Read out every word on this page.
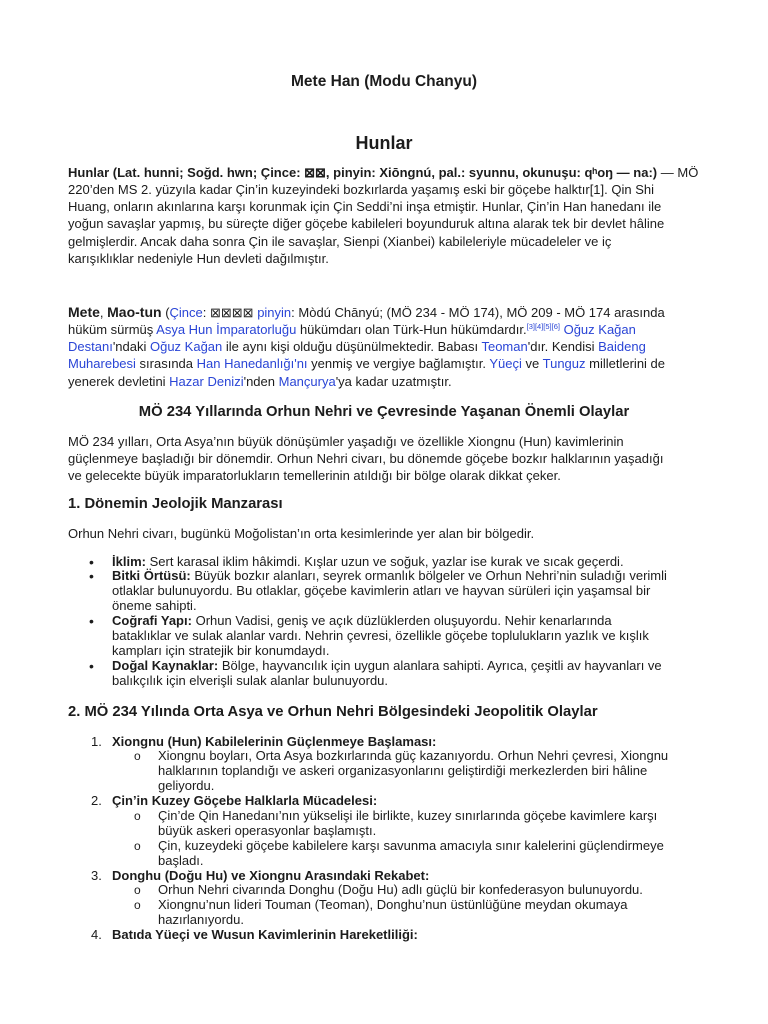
Mete Han (Modu Chanyu)
Hunlar
Hunlar (Lat. hunni; Soğd. hwn; Çince: ⊠⊠, pinyin: Xiōngnú, pal.: syunnu, okunuşu: qʰoŋ — na:) — MÖ
220’den MS 2. yüzyıla kadar Çin’in kuzeyindeki bozkırlarda yaşamış eski bir göçebe halktır[1]. Qin Shi
Huang, onların akınlarına karşı korunmak için Çin Seddi’ni inşa etmiştir. Hunlar, Çin’in Han hanedanı ile
yoğun savaşlar yapmış, bu süreçte diğer göçebe kabileleri boyunduruk altına alarak tek bir devlet hâline
gelmişlerdir. Ancak daha sonra Çin ile savaşlar, Sienpi (Xianbei) kabileleriyle mücadeleler ve iç
karışıklıklar nedeniyle Hun devleti dağılmıştır.
Mete, Mao-tun (Çince: ⊠⊠⊠⊠ pinyin: Mòdú Chānyú; (MÖ 234 - MÖ 174), MÖ 209 - MÖ 174 arasında
hüküm sürmüş Asya Hun İmparatorluğu hükümdarı olan Türk-Hun hükümdardır.[3][4][5][6] Oğuz Kağan
Destanı'ndaki Oğuz Kağan ile aynı kişi olduğu düşünülmektedir. Babası Teoman'dır. Kendisi Baideng
Muharebesi sırasında Han Hanedanlığı'nı yenmiş ve vergiye bağlamıştır. Yüeçi ve Tunguz milletlerini de
yenerek devletini Hazar Denizi'nden Mançurya'ya kadar uzatmıştır.
MÖ 234 Yıllarında Orhun Nehri ve Çevresinde Yaşanan Önemli Olaylar
MÖ 234 yılları, Orta Asya’nın büyük dönüşümler yaşadığı ve özellikle Xiongnu (Hun) kavimlerinin
güçlenmeye başladığı bir dönemdir. Orhun Nehri civarı, bu dönemde göçebe bozkır halklarının yaşadığı
ve gelecekte büyük imparatorlukların temellerinin atıldığı bir bölge olarak dikkat çeker.
1. Dönemin Jeolojik Manzarası
Orhun Nehri civarı, bugünkü Moğolistan’ın orta kesimlerinde yer alan bir bölgedir.
•	İklim: Sert karasal iklim hâkimdi. Kışlar uzun ve soğuk, yazlar ise kurak ve sıcak geçerdi.
•	Bitki Örtüsü: Büyük bozkır alanları, seyrek ormanlık bölgeler ve Orhun Nehri’nin suladığı verimli
otlaklar bulunuyordu. Bu otlaklar, göçebe kavimlerin atları ve hayvan sürüleri için yaşamsal bir
öneme sahipti.
•	Coğrafi Yapı: Orhun Vadisi, geniş ve açık düzlüklerden oluşuyordu. Nehir kenarlarında
bataklıklar ve sulak alanlar vardı. Nehrin çevresi, özellikle göçebe toplulukların yazlık ve kışlık
kampları için stratejik bir konumdaydı.
•	Doğal Kaynaklar: Bölge, hayvancılık için uygun alanlara sahipti. Ayrıca, çeşitli av hayvanları ve
balıkçılık için elverişli sulak alanlar bulunuyordu.
2. MÖ 234 Yılında Orta Asya ve Orhun Nehri Bölgesindeki Jeopolitik Olaylar
1. Xiongnu (Hun) Kabilelerinin Güçlenmeye Başlaması:
o	Xiongnu boyları, Orta Asya bozkırlarında güç kazanıyordu. Orhun Nehri çevresi, Xiongnu
halklarının toplandığı ve askeri organizasyonlarını geliştirdiği merkezlerden biri hâline
geliyordu.
2. Çin’in Kuzey Göçebe Halklarla Mücadelesi:
o	Çin’de Qin Hanedanı’nın yükselişi ile birlikte, kuzey sınırlarında göçebe kavimlere karşı
büyük askeri operasyonlar başlamıştı.
o	Çin, kuzeydeki göçebe kabilelere karşı savunma amacıyla sınır kalelerini güçlendirmeye
başladı.
3. Donghu (Doğu Hu) ve Xiongnu Arasındaki Rekabet:
o	Orhun Nehri civarında Donghu (Doğu Hu) adlı güçlü bir konfederasyon bulunuyordu.
o	Xiongnu’nun lideri Touman (Teoman), Donghu’nun üstünlüğüne meydan okumaya
hazırlanıyordu.
4. Batıda Yüeçi ve Wusun Kavimlerinin Hareketliliği:
